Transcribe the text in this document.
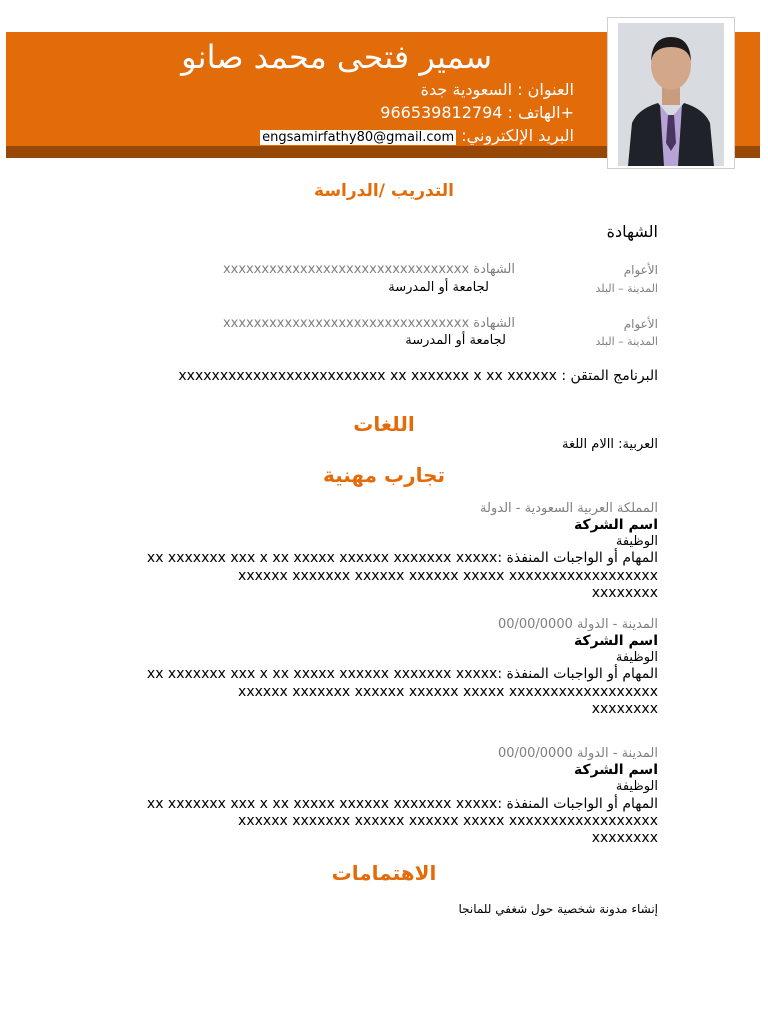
سمير فتحى محمد صانو
العنوان : السعودية جدة
+الهاتف : 966539812794
البريد الإلكتروني: engsamirfathy80@gmail.com
التدريب /الدراسة
الشهادة
الأعوام
الشهادة xxxxxxxxxxxxxxxxxxxxxxxxxxxxxxxx
المدينة – البلد
لجامعة أو المدرسة
الأعوام
الشهادة xxxxxxxxxxxxxxxxxxxxxxxxxxxxxxxx
المدينة – البلد
لجامعة أو المدرسة
البرنامج المتقن : xxxxxxxxxxxxxxxxxxxxxxxxx xx xxxxxxx x xx xxxxxx
اللغات
العربية: االام اللغة
تجارب مهنية
المملكة العربية السعودية - الدولة
اسم الشركة
الوظيفة
المهام أو الواجبات المنفذة :xx xxxxxxx xxx x xx xxxxx xxxxxx xxxxxxx xxxxx
xxxxxx xxxxxxx xxxxxx xxxxxx xxxxx xxxxxxxxxxxxxxxxxx
xxxxxxxx
المدينة - الدولة 00/00/0000
اسم الشركة
الوظيفة
المهام أو الواجبات المنفذة :xx xxxxxxx xxx x xx xxxxx xxxxxx xxxxxxx xxxxx
xxxxxx xxxxxxx xxxxxx xxxxxx xxxxx xxxxxxxxxxxxxxxxxx
xxxxxxxx
المدينة - الدولة 00/00/0000
اسم الشركة
الوظيفة
المهام أو الواجبات المنفذة :xx xxxxxxx xxx x xx xxxxx xxxxxx xxxxxxx xxxxx
xxxxxx xxxxxxx xxxxxx xxxxxx xxxxx xxxxxxxxxxxxxxxxxx
xxxxxxxx
الاهتمامات
إنشاء مدونة شخصية حول شغفي للمانجا
